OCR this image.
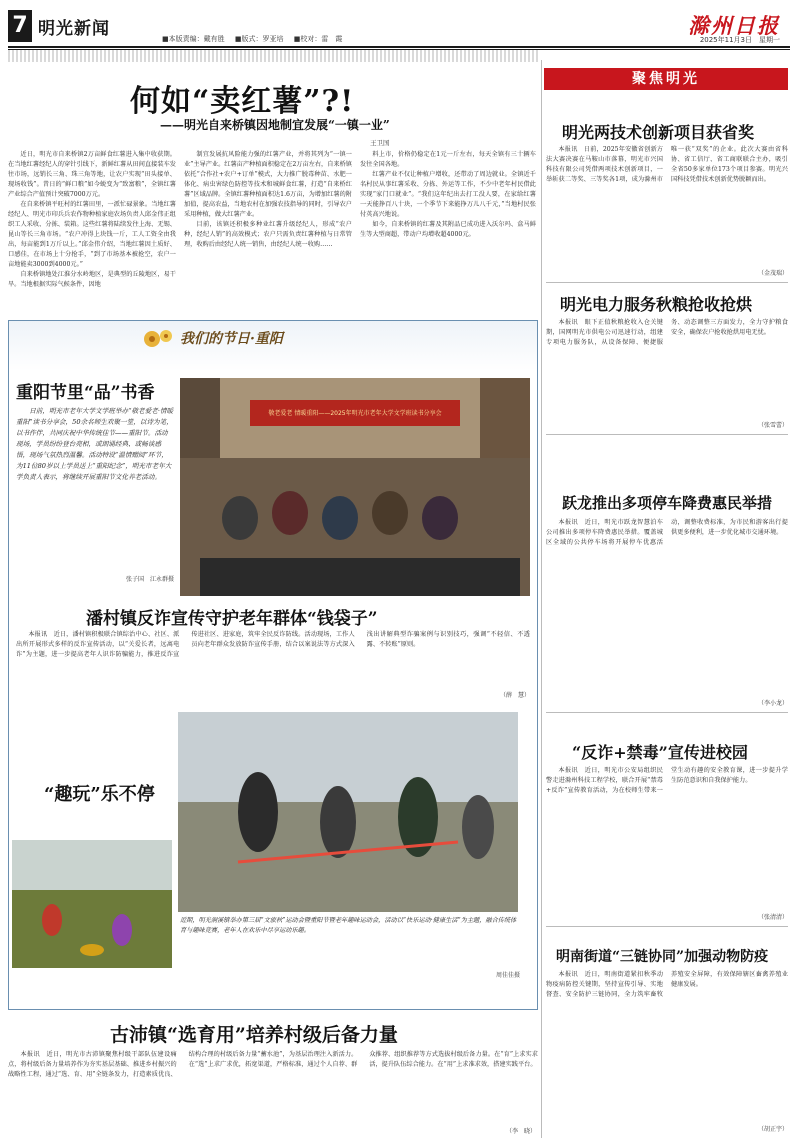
7 明光新闻	■本版责编：戴有胜 ■版式：罗亚培 ■校对：雷　霞
滁州日报
2025年11月3日　星期一
何如“卖红薯”?!
——明光自来桥镇因地制宜发展“一镇一业”
王卫国

近日，明光市自来桥镇2万亩鲜食红薯进入集中收获期。在当地红薯经纪人的穿针引线下，新鲜红薯从田间直接装车发往市场，远销长三角、珠三角等地，让农户实现“田头接单、现场收钱”。昔日的“鲜口粮”如今蜕变为“致富粮”，全镇红薯产业综合产值预计突破7000万元。

在自来桥镇平旺村的红薯田里，一派忙碌景象。当地红薯经纪人、明光市印兵兵农作物种植家庭农场负责人邱金伟正组织工人采收、分拣、装箱。这些红薯将陆续发往上海、无锡、昆山等长三角市场。“农户冲得上块钱一斤，工人工资全由我出，每亩能到1万斤以上。”邱金伟介绍，当地红薯因土质好、口感佳，在市场上十分抢手，“到了市场基本被抢空，农户一亩地能卖3000到4000元。”

自来桥镇地处江淮分水岭地区，是典型的丘陵地区，易干旱。当地根据实际气候条件，因地

制宜发展抗风险能力强的红薯产业，并将其列为“一镇一业”主导产业。红薯亩产种植面积稳定在2万亩左右，自来桥镇依托“合作社+农户+订单”模式，大力推广脱毒种苗、水肥一体化、病虫害绿色防控等技术和城鲜食红薯，打造“自来桥红薯”区域品牌。全镇红薯种植面积达1.6万亩，为增加红薯的附加值，提高农益，当地农村在加强农技指导的同时，引导农户采用种植，做大红薯产业。

目前，该镇还积极多种业红薯升级经纪人，形成“农户种，经纪人销”的高效模式；农户只需负责红薯种植与日常管理，收购后由经纪人统一销售，由经纪人统一收购……

料上市，价格仍稳定在1元一斤左右，每天全镇有三十辆车发往全国各地。

红薯产业不仅让种植户增收，还带动了周边就业。全镇近千名村民从事红薯采收、分拣、外运等工作，不少中老年村民借此实现“家门口就业”。“我们这年纪出去打工没人要，在家给红薯一天能挣百八十块，一个季节下来能挣万儿八千元，”当地村民张付英高兴地说。

如今，自来桥镇的红薯及其附品已成功进入沃尔玛、盒马鲜生等大型商超，带动户均增收超4000元。

我们的节日·重阳
重阳节里“品”书香
日前，明光市老年大学文学班举办“敬老爱老·情暖重阳”读书分享会，50余名师生欢聚一堂，以诗为笔，以书作伴，共同庆祝中华传统佳节——重阳节。活动现场，学员纷纷登台亮相，或朗诵经典、或畅谈感悟，现场气氛热烈温馨。活动特设“温情赠阅”环节，为11位80岁以上学员送上“重阳纪念”，明光市老年大学负责人表示，将继续开展重阳节文化养老活动。
张子国　江永群摄
敬老爱老 情暖重阳——2025年明光市老年大学文学班读书分享会
潘村镇反诈宣传守护老年群体“钱袋子”
本报讯　近日，潘村镇积极联合镇综治中心、社区、派出所开展形式多样的反诈宣传活动，以“关爱长者，远离电诈”为主题，进一步提高老年人识诈防骗能力，推进反诈宣传进社区、进家庭，筑牢全民反诈防线。活动现场，工作人员向老年群众发放防诈宣传手册，结合以案说法等方式深入浅出讲解典型诈骗案例与识别技巧，强调“不轻信、不透露、不转账”原则。
（薛　慧）
“趣玩”乐不停
近期，明光涧溪镇举办第三届“文旅秋”运动会暨重阳节暨老年趣味运动会，活动以“快乐运动·健康生活”为主题，融合传统体育与趣味竞赛，老年人在欢乐中尽享运动乐趣。
周佳佳摄
古沛镇“选育用”培养村级后备力量
本报讯　近日，明光市古沛镇聚焦村级干部队伍建设痛点，将村级后备力量培养作为夯实基层基础、推进乡村振兴的战略性工程，通过“选、育、用”全链条发力，打造素质优良、结构合理的村级后备力量“蓄水池”，为基层治理注入新活力。在“选”上求广求优，拓宽渠道，严格标准，通过个人自荐、群众推荐、组织推荐等方式选拔村级后备力量。在“育”上求实求活，提升队伍综合能力。在“用”上求准求效，搭建实践平台。
（李　晓）
聚焦明光
明光两技术创新项目获省奖
本报讯　日前，2025年安徽省创新方法大赛决赛在马鞍山市落幕，明光市兴国科技有限公司凭借两项技术创新项目，一举斩获二等奖、三等奖各1项，成为滁州市唯一获“双奖”的企业。此次大赛由省科协、省工信厅、省工商联联合主办，吸引全省50多家单位173个项目参赛。明光兴国科技凭借技术创新优势脱颖而出。
（金茂瑞）
明光电力服务秋粮抢收抢烘
本报讯　眼下正值秋粮抢收入仓关键期，国网明光市供电公司迅速行动，组建专项电力服务队，从设备保障、便捷服务、动态调整三方面发力，全力守护粮食安全，确保农户抢收抢烘用电无忧。
（张雪蕾）
跃龙推出多项停车降费惠民举措
本报讯　近日，明光市跃龙智慧泊车公司推出多项停车降费惠民举措。覆盖城区全域的公共停车场将开展停车优惠活动，调整收费标准，为市民和游客出行提供更多便利，进一步优化城市交通环境。
（李小龙）
“反诈+禁毒”宣传进校园
本报讯　近日，明光市公安局组织民警走进滁州科技工程学校，联合开展“禁毒+反诈”宣传教育活动，为在校师生带来一堂生动有趣的安全教育课，进一步提升学生防范意识和自我保护能力。
（张清清）
明南街道“三链协同”加强动物防疫
本报讯　近日，明南街道紧扣秋季动物疫病防控关键期，坚持宣传引导、实地督查、安全防护三链协同，全力筑牢畜牧养殖安全屏障，有效保障辖区畜禽养殖业健康发展。
（胡正宇）
